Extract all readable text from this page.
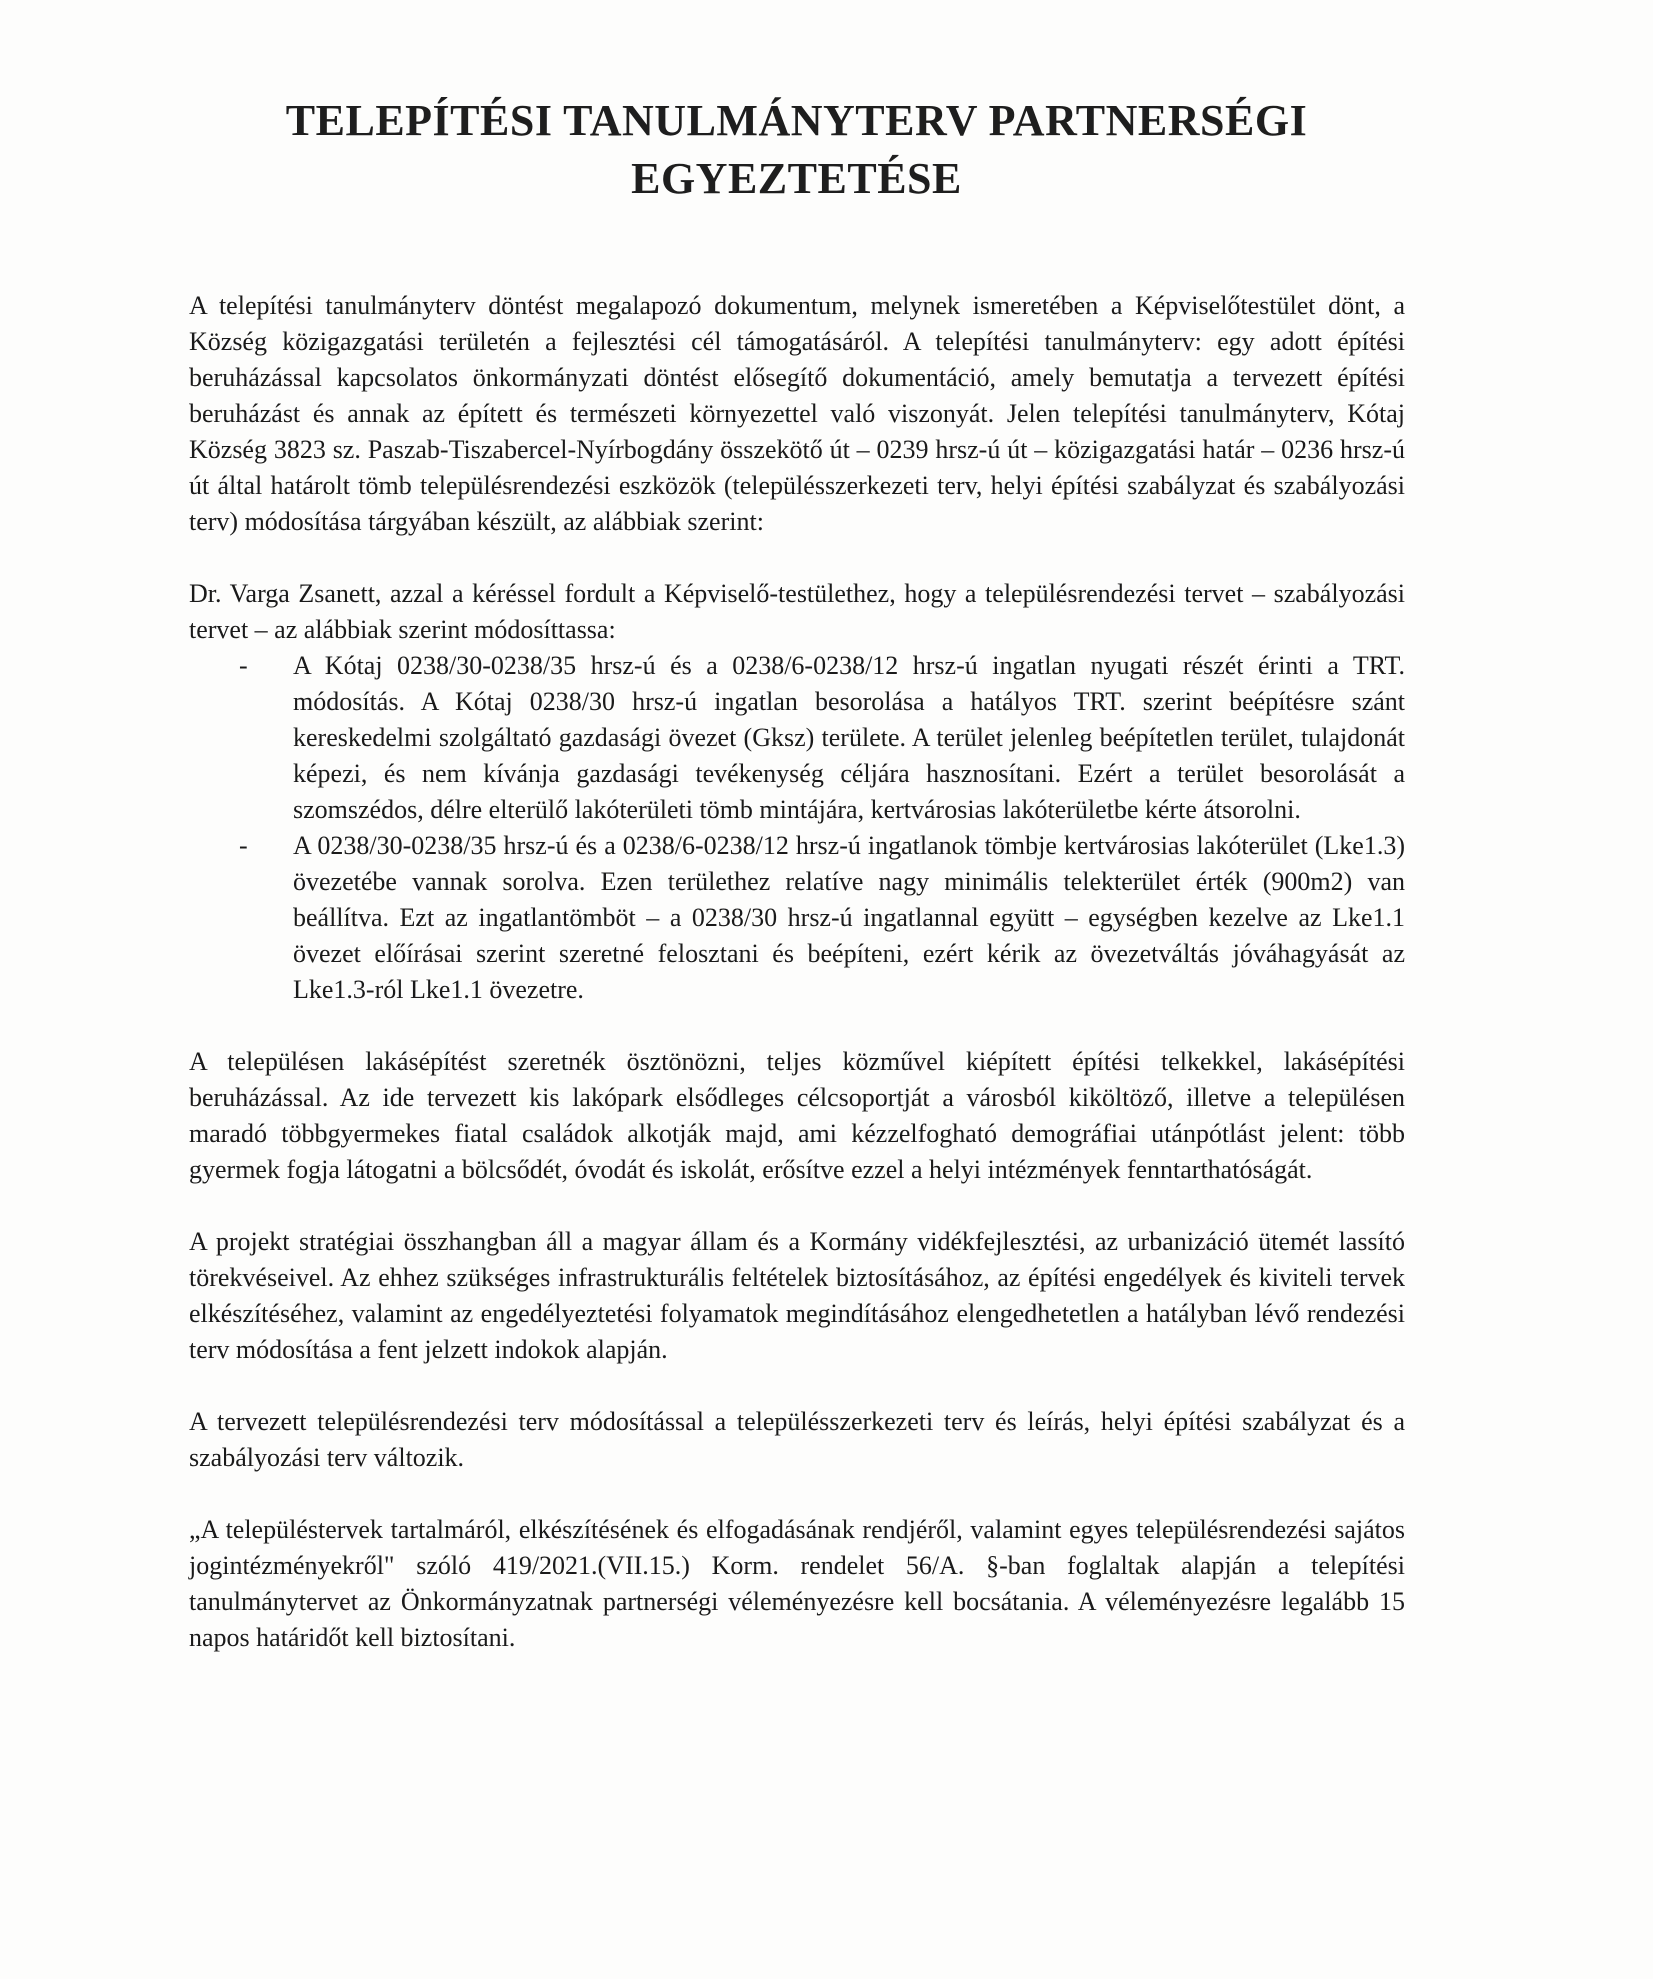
TELEPÍTÉSI TANULMÁNYTERV PARTNERSÉGI
EGYEZTETÉSE

A telepítési tanulmányterv döntést megalapozó dokumentum, melynek ismeretében a Képviselőtestület dönt, a Község közigazgatási területén a fejlesztési cél támogatásáról. A telepítési tanulmányterv: egy adott építési beruházással kapcsolatos önkormányzati döntést elősegítő dokumentáció, amely bemutatja a tervezett építési beruházást és annak az épített és természeti környezettel való viszonyát. Jelen telepítési tanulmányterv, Kótaj Község 3823 sz. Paszab-Tiszabercel-Nyírbogdány összekötő út – 0239 hrsz-ú út – közigazgatási határ – 0236 hrsz-ú út által határolt tömb településrendezési eszközök (településszerkezeti terv, helyi építési szabályzat és szabályozási terv) módosítása tárgyában készült, az alábbiak szerint:

Dr. Varga Zsanett, azzal a kéréssel fordult a Képviselő-testülethez, hogy a településrendezési tervet – szabályozási tervet – az alábbiak szerint módosíttassa:

- A Kótaj 0238/30-0238/35 hrsz-ú és a 0238/6-0238/12 hrsz-ú ingatlan nyugati részét érinti a TRT. módosítás. A Kótaj 0238/30 hrsz-ú ingatlan besorolása a hatályos TRT. szerint beépítésre szánt kereskedelmi szolgáltató gazdasági övezet (Gksz) területe. A terület jelenleg beépítetlen terület, tulajdonát képezi, és nem kívánja gazdasági tevékenység céljára hasznosítani. Ezért a terület besorolását a szomszédos, délre elterülő lakóterületi tömb mintájára, kertvárosias lakóterületbe kérte átsorolni.
- A 0238/30-0238/35 hrsz-ú és a 0238/6-0238/12 hrsz-ú ingatlanok tömbje kertvárosias lakóterület (Lke1.3) övezetébe vannak sorolva. Ezen területhez relatíve nagy minimális telekterület érték (900m2) van beállítva. Ezt az ingatlantömböt – a 0238/30 hrsz-ú ingatlannal együtt – egységben kezelve az Lke1.1 övezet előírásai szerint szeretné felosztani és beépíteni, ezért kérik az övezetváltás jóváhagyását az Lke1.3-ról Lke1.1 övezetre.

A településen lakásépítést szeretnék ösztönözni, teljes közművel kiépített építési telkekkel, lakásépítési beruházással. Az ide tervezett kis lakópark elsődleges célcsoportját a városból kiköltöző, illetve a településen maradó többgyermekes fiatal családok alkotják majd, ami kézzelfogható demográfiai utánpótlást jelent: több gyermek fogja látogatni a bölcsődét, óvodát és iskolát, erősítve ezzel a helyi intézmények fenntarthatóságát.

A projekt stratégiai összhangban áll a magyar állam és a Kormány vidékfejlesztési, az urbanizáció ütemét lassító törekvéseivel. Az ehhez szükséges infrastrukturális feltételek biztosításához, az építési engedélyek és kiviteli tervek elkészítéséhez, valamint az engedélyeztetési folyamatok megindításához elengedhetetlen a hatályban lévő rendezési terv módosítása a fent jelzett indokok alapján.

A tervezett településrendezési terv módosítással a településszerkezeti terv és leírás, helyi építési szabályzat és a szabályozási terv változik.

„A településtervek tartalmáról, elkészítésének és elfogadásának rendjéről, valamint egyes településrendezési sajátos jogintézményekről" szóló 419/2021.(VII.15.) Korm. rendelet 56/A. §-ban foglaltak alapján a telepítési tanulmánytervet az Önkormányzatnak partnerségi véleményezésre kell bocsátania. A véleményezésre legalább 15 napos határidőt kell biztosítani.
